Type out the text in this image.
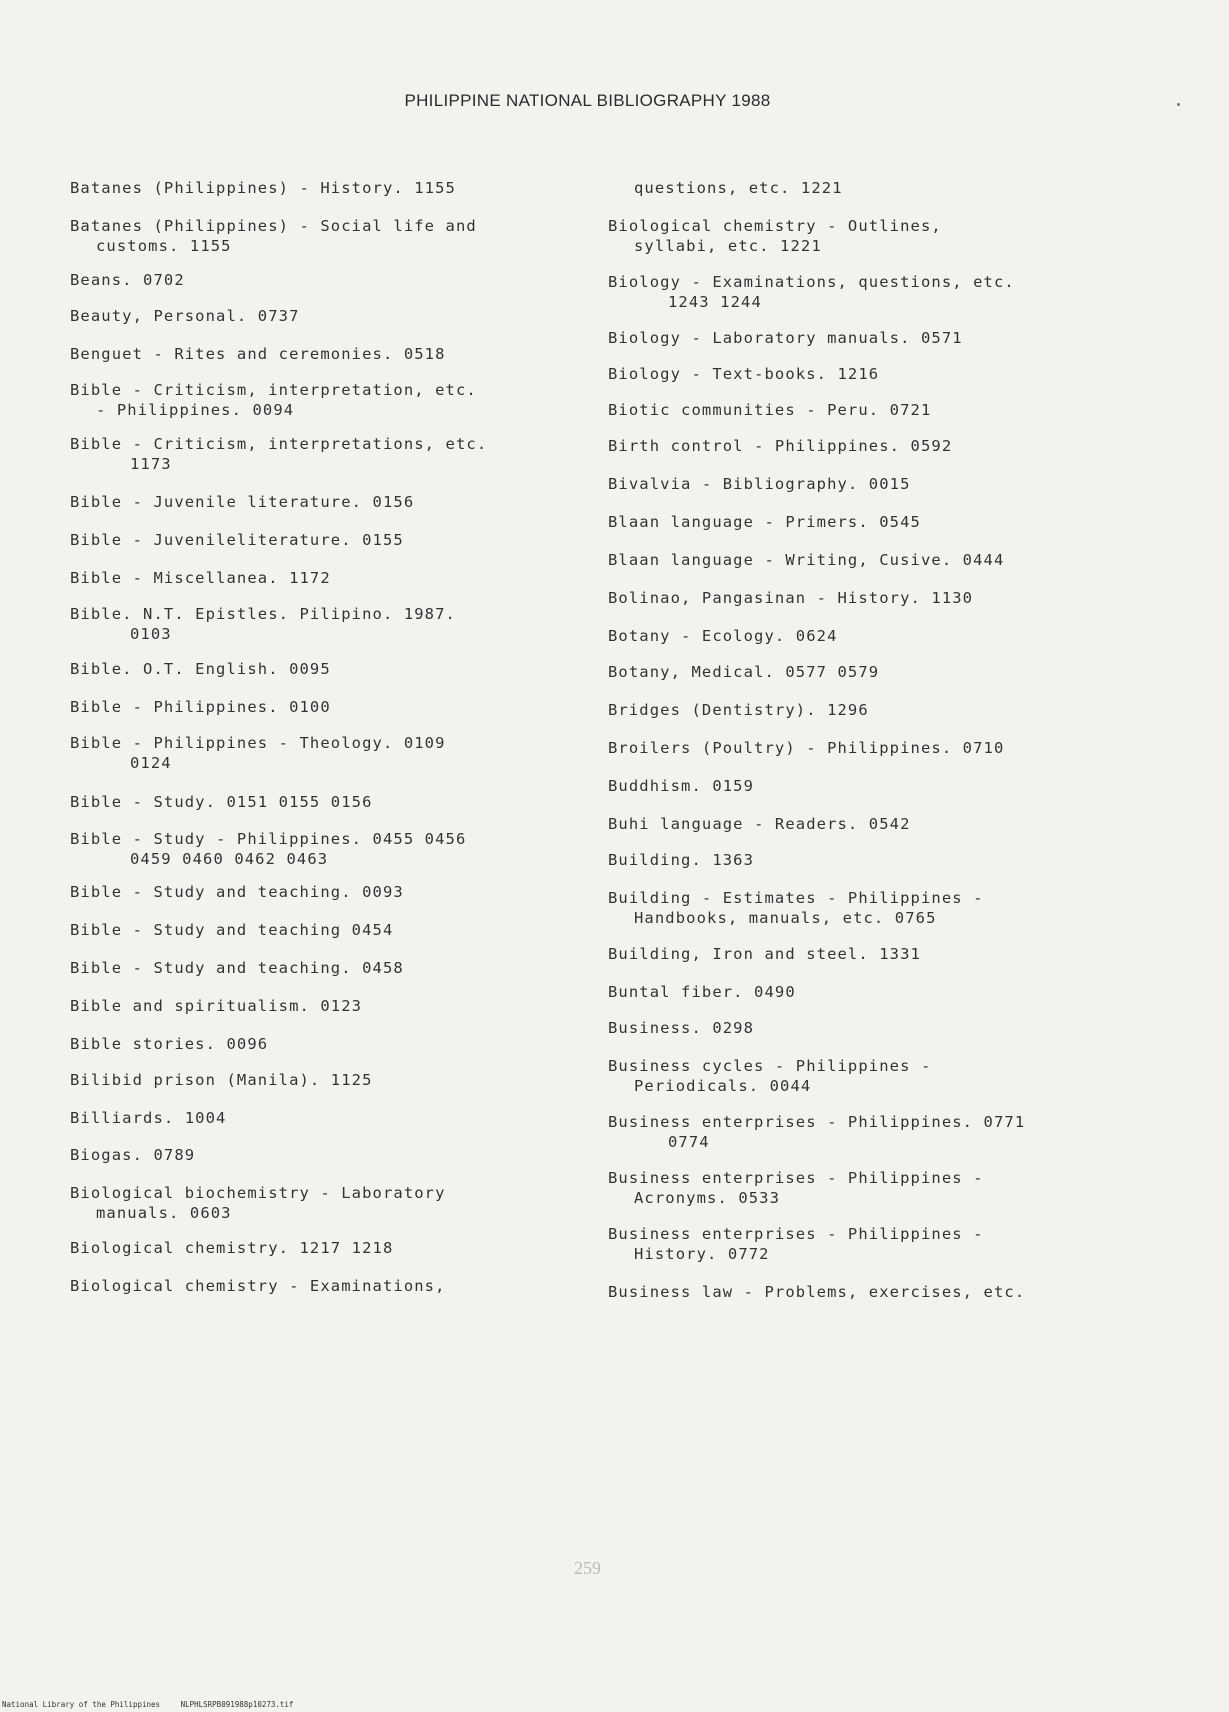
PHILIPPINE NATIONAL BIBLIOGRAPHY 1988
Batanes (Philippines) - History. 1155
Batanes (Philippines) - Social life and
customs. 1155
Beans. 0702
Beauty, Personal. 0737
Benguet - Rites and ceremonies. 0518
Bible - Criticism, interpretation, etc.
- Philippines. 0094
Bible - Criticism, interpretations, etc.
1173
Bible - Juvenile literature. 0156
Bible - Juvenileliterature. 0155
Bible - Miscellanea. 1172
Bible. N.T. Epistles. Pilipino. 1987.
0103
Bible. O.T. English. 0095
Bible - Philippines. 0100
Bible - Philippines - Theology. 0109
0124
Bible - Study. 0151 0155 0156
Bible - Study - Philippines. 0455 0456
0459 0460 0462 0463
Bible - Study and teaching. 0093
Bible - Study and teaching 0454
Bible - Study and teaching. 0458
Bible and spiritualism. 0123
Bible stories. 0096
Bilibid prison (Manila). 1125
Billiards. 1004
Biogas. 0789
Biological biochemistry - Laboratory
manuals. 0603
Biological chemistry. 1217 1218
Biological chemistry - Examinations,
questions, etc. 1221
Biological chemistry - Outlines,
syllabi, etc. 1221
Biology - Examinations, questions, etc.
1243 1244
Biology - Laboratory manuals. 0571
Biology - Text-books. 1216
Biotic communities - Peru. 0721
Birth control - Philippines. 0592
Bivalvia - Bibliography. 0015
Blaan language - Primers. 0545
Blaan language - Writing, Cusive. 0444
Bolinao, Pangasinan - History. 1130
Botany - Ecology. 0624
Botany, Medical. 0577 0579
Bridges (Dentistry). 1296
Broilers (Poultry) - Philippines. 0710
Buddhism. 0159
Buhi language - Readers. 0542
Building. 1363
Building - Estimates - Philippines -
Handbooks, manuals, etc. 0765
Building, Iron and steel. 1331
Buntal fiber. 0490
Business. 0298
Business cycles - Philippines -
Periodicals. 0044
Business enterprises - Philippines. 0771
0774
Business enterprises - Philippines -
Acronyms. 0533
Business enterprises - Philippines -
History. 0772
Business law - Problems, exercises, etc.
259
National Library of the Philippines	NLPHLSRPB091988p10273.tif
